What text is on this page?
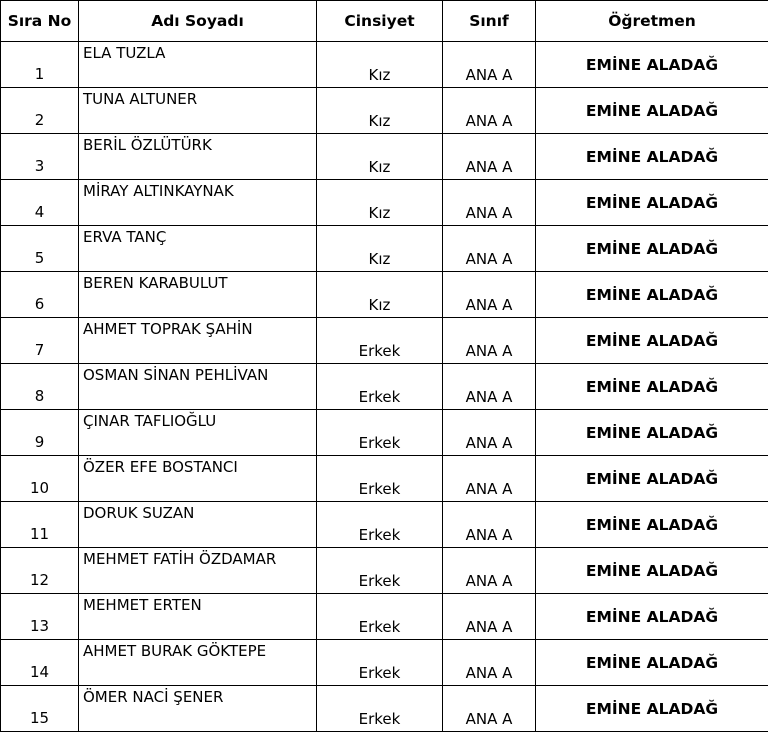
Sıra No	Adı Soyadı	Cinsiyet	Sınıf	Öğretmen
1	ELA TUZLA	Kız	ANA A	EMİNE ALADAĞ
2	TUNA ALTUNER	Kız	ANA A	EMİNE ALADAĞ
3	BERİL ÖZLÜTÜRK	Kız	ANA A	EMİNE ALADAĞ
4	MİRAY ALTINKAYNAK	Kız	ANA A	EMİNE ALADAĞ
5	ERVA TANÇ	Kız	ANA A	EMİNE ALADAĞ
6	BEREN KARABULUT	Kız	ANA A	EMİNE ALADAĞ
7	AHMET TOPRAK ŞAHİN	Erkek	ANA A	EMİNE ALADAĞ
8	OSMAN SİNAN PEHLİVAN	Erkek	ANA A	EMİNE ALADAĞ
9	ÇINAR TAFLIOĞLU	Erkek	ANA A	EMİNE ALADAĞ
10	ÖZER EFE BOSTANCI	Erkek	ANA A	EMİNE ALADAĞ
11	DORUK SUZAN	Erkek	ANA A	EMİNE ALADAĞ
12	MEHMET FATİH ÖZDAMAR	Erkek	ANA A	EMİNE ALADAĞ
13	MEHMET ERTEN	Erkek	ANA A	EMİNE ALADAĞ
14	AHMET BURAK GÖKTEPE	Erkek	ANA A	EMİNE ALADAĞ
15	ÖMER NACİ ŞENER	Erkek	ANA A	EMİNE ALADAĞ
